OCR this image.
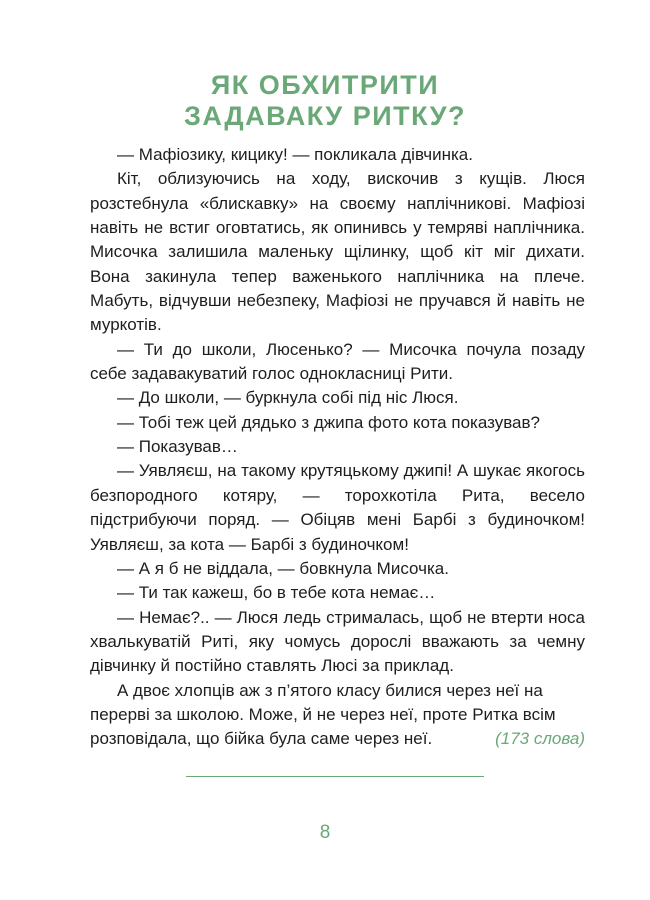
ЯК ОБХИТРИТИ
ЗАДАВАКУ РИТКУ?

— Мафіозику, кицику! — покликала дівчинка.

Кіт, облизуючись на ходу, вискочив з кущів. Люся розстебнула «блискавку» на своєму наплічникові. Мафіозі навіть не встиг оговтатись, як опинивсь у темряві наплічника. Мисочка залишила маленьку щілинку, щоб кіт міг дихати. Вона закинула тепер важенького наплічника на плече. Мабуть, відчувши небезпеку, Мафіозі не пручався й навіть не муркотів.

— Ти до школи, Люсенько? — Мисочка почула позаду себе задавакуватий голос однокласниці Рити.

— До школи, — буркнула собі під ніс Люся.

— Тобі теж цей дядько з джипа фото кота показував?

— Показував…

— Уявляєш, на такому крутяцькому джипі! А шукає якогось безпородного котяру, — торохкотіла Рита, весело підстрибуючи поряд. — Обіцяв мені Барбі з будиночком! Уявляєш, за кота — Барбі з будиночком!

— А я б не віддала, — бовкнула Мисочка.

— Ти так кажеш, бо в тебе кота немає…

— Немає?.. — Люся ледь стрималась, щоб не втерти носа хвалькуватій Риті, яку чомусь дорослі вважають за чемну дівчинку й постійно ставлять Люсі за приклад.

А двоє хлопців аж з п’ятого класу билися через неї на перерві за школою. Може, й не через неї, проте Ритка всім розповідала, що бійка була саме через неї.	(173 слова)

8
